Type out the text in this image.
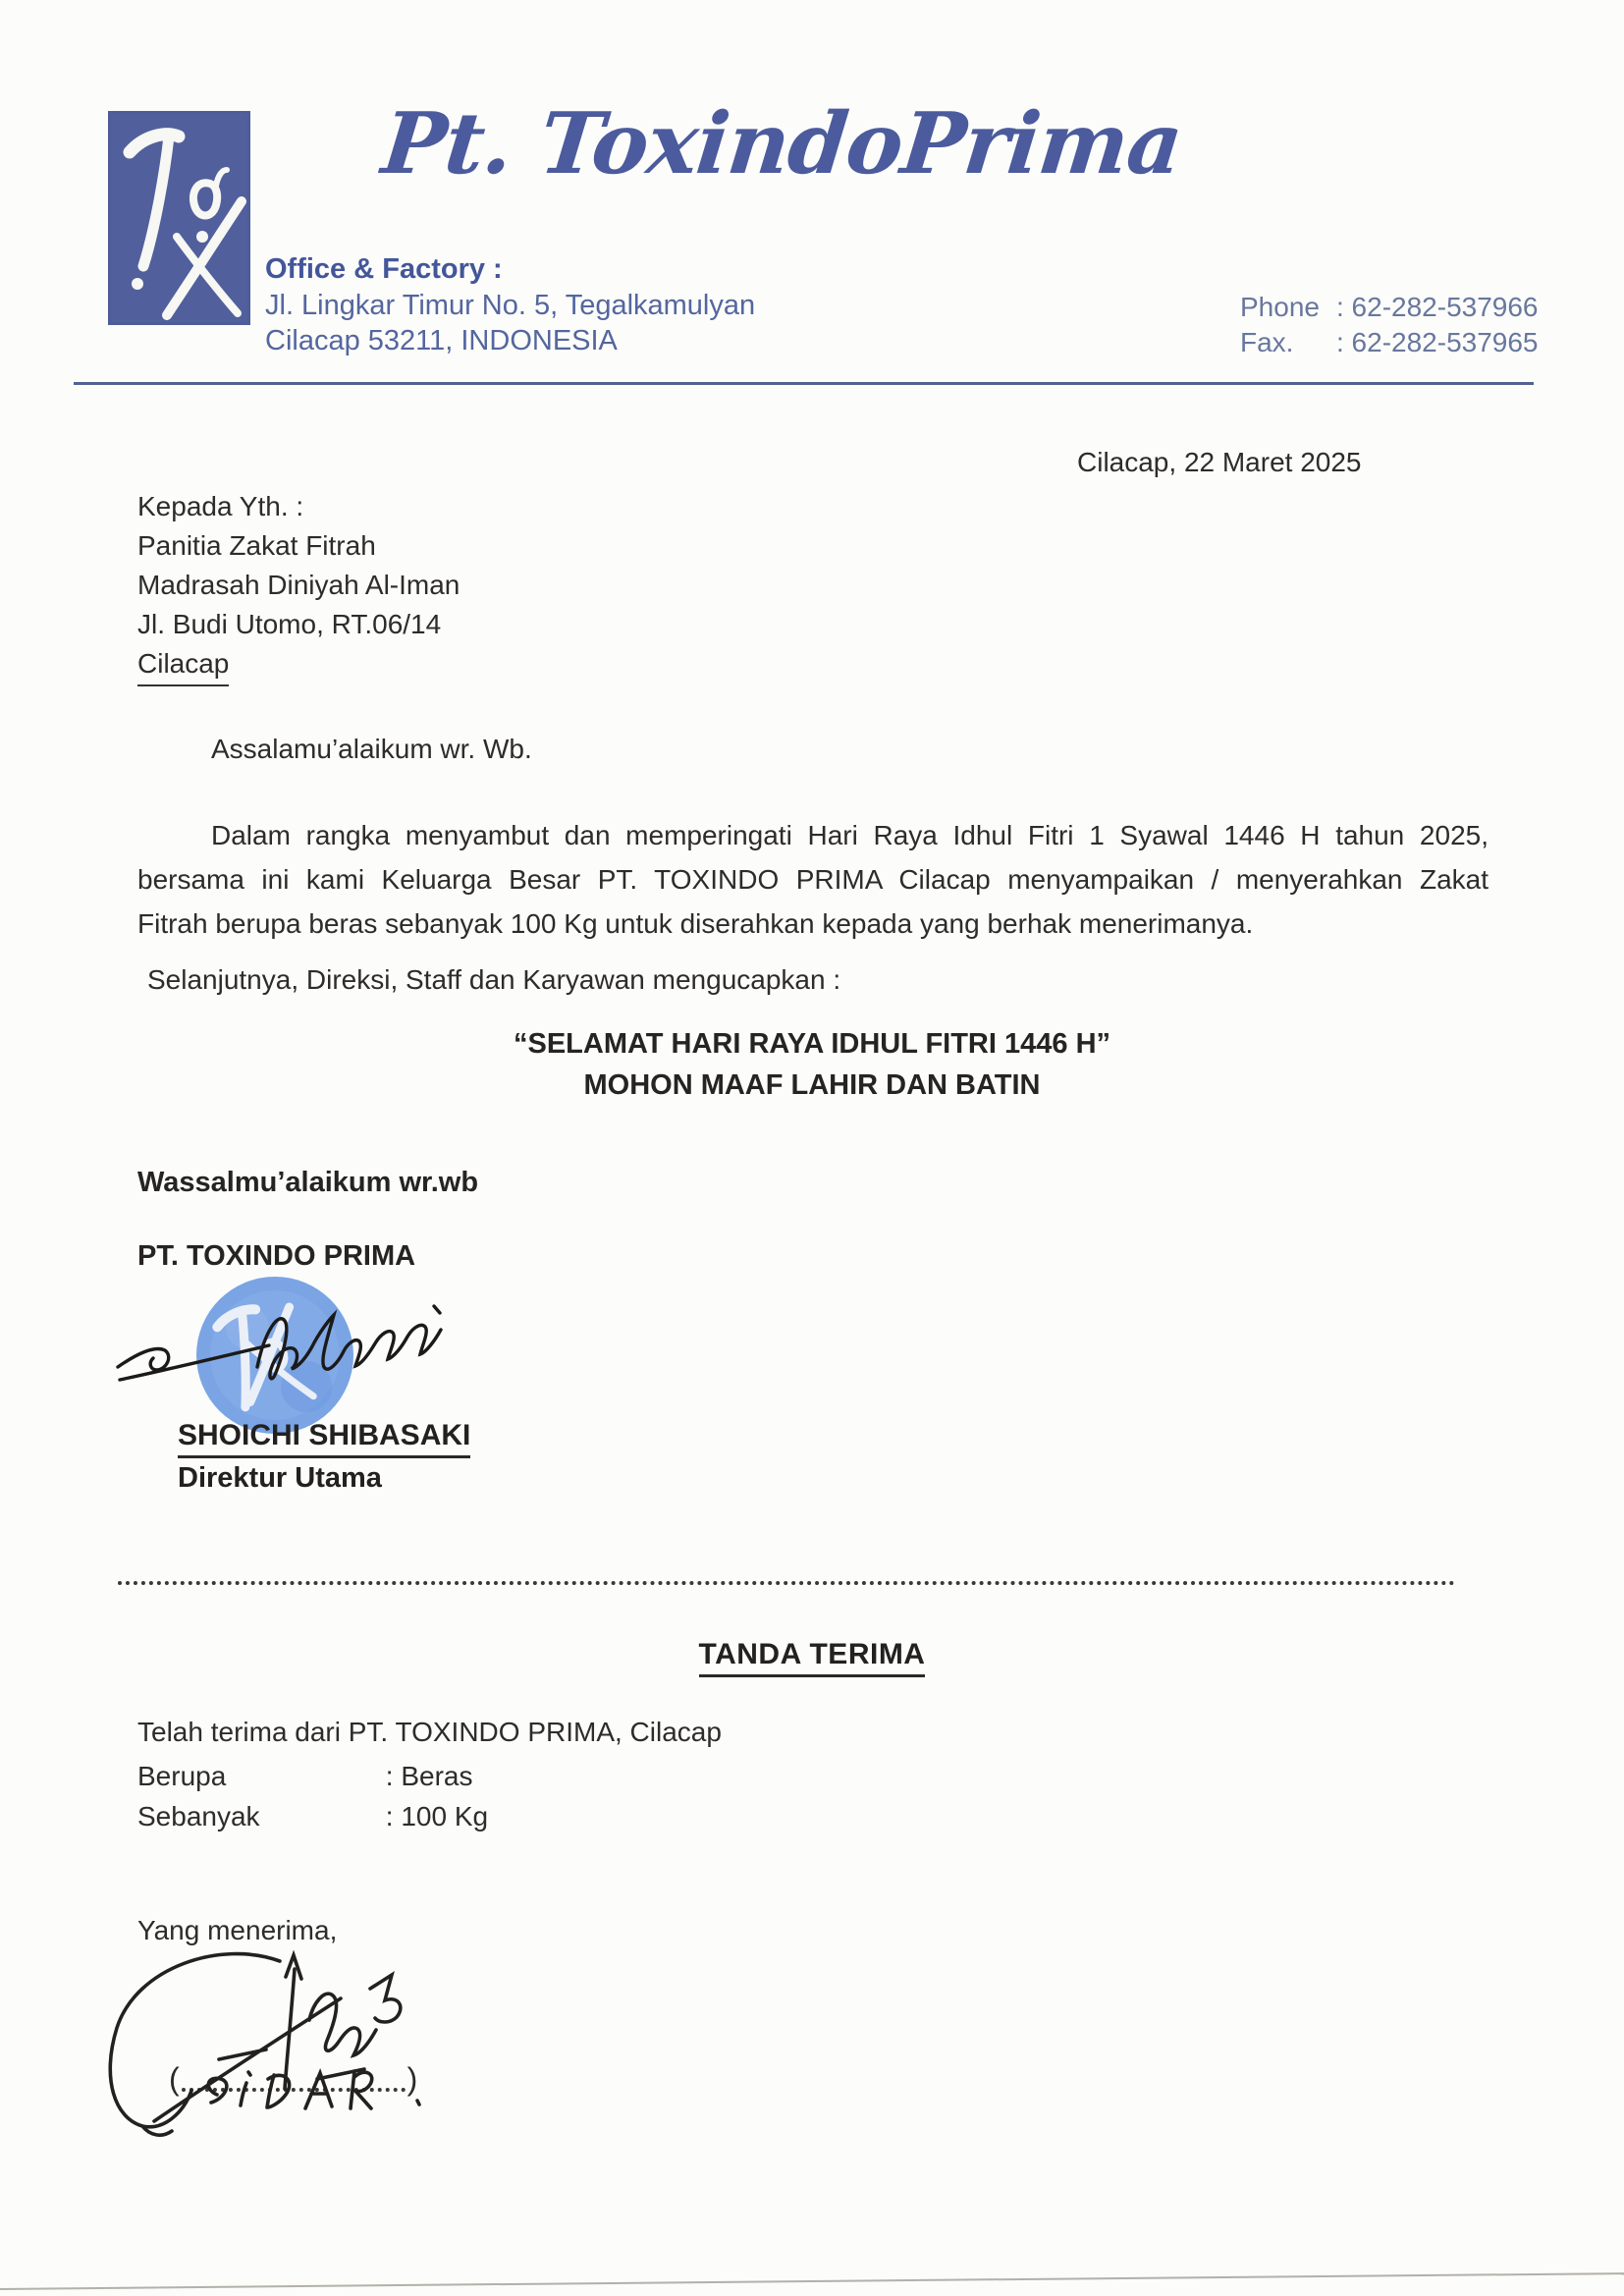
Pt. ToxindoPrima
Office & Factory :
Jl. Lingkar Timur No. 5, Tegalkamulyan
Cilacap 53211, INDONESIA
Phone : 62-282-537966
Fax.	: 62-282-537965
Cilacap, 22 Maret 2025
Kepada Yth. :
Panitia Zakat Fitrah
Madrasah Diniyah Al-Iman
Jl. Budi Utomo, RT.06/14
Cilacap
Assalamu’alaikum wr. Wb.
Dalam rangka menyambut dan memperingati Hari Raya Idhul Fitri 1 Syawal 1446 H tahun 2025,
bersama ini kami Keluarga Besar PT. TOXINDO PRIMA Cilacap menyampaikan / menyerahkan Zakat
Fitrah berupa beras sebanyak 100 Kg untuk diserahkan kepada yang berhak menerimanya.
Selanjutnya, Direksi, Staff dan Karyawan mengucapkan :
“SELAMAT HARI RAYA IDHUL FITRI 1446 H”
MOHON MAAF LAHIR DAN BATIN
Wassalmu’alaikum wr.wb
PT. TOXINDO PRIMA
SHOICHI SHIBASAKI
Direktur Utama
TANDA TERIMA
Telah terima dari PT. TOXINDO PRIMA, Cilacap
Berupa	: Beras
Sebanyak	: 100 Kg
Yang menerima,
(	)
